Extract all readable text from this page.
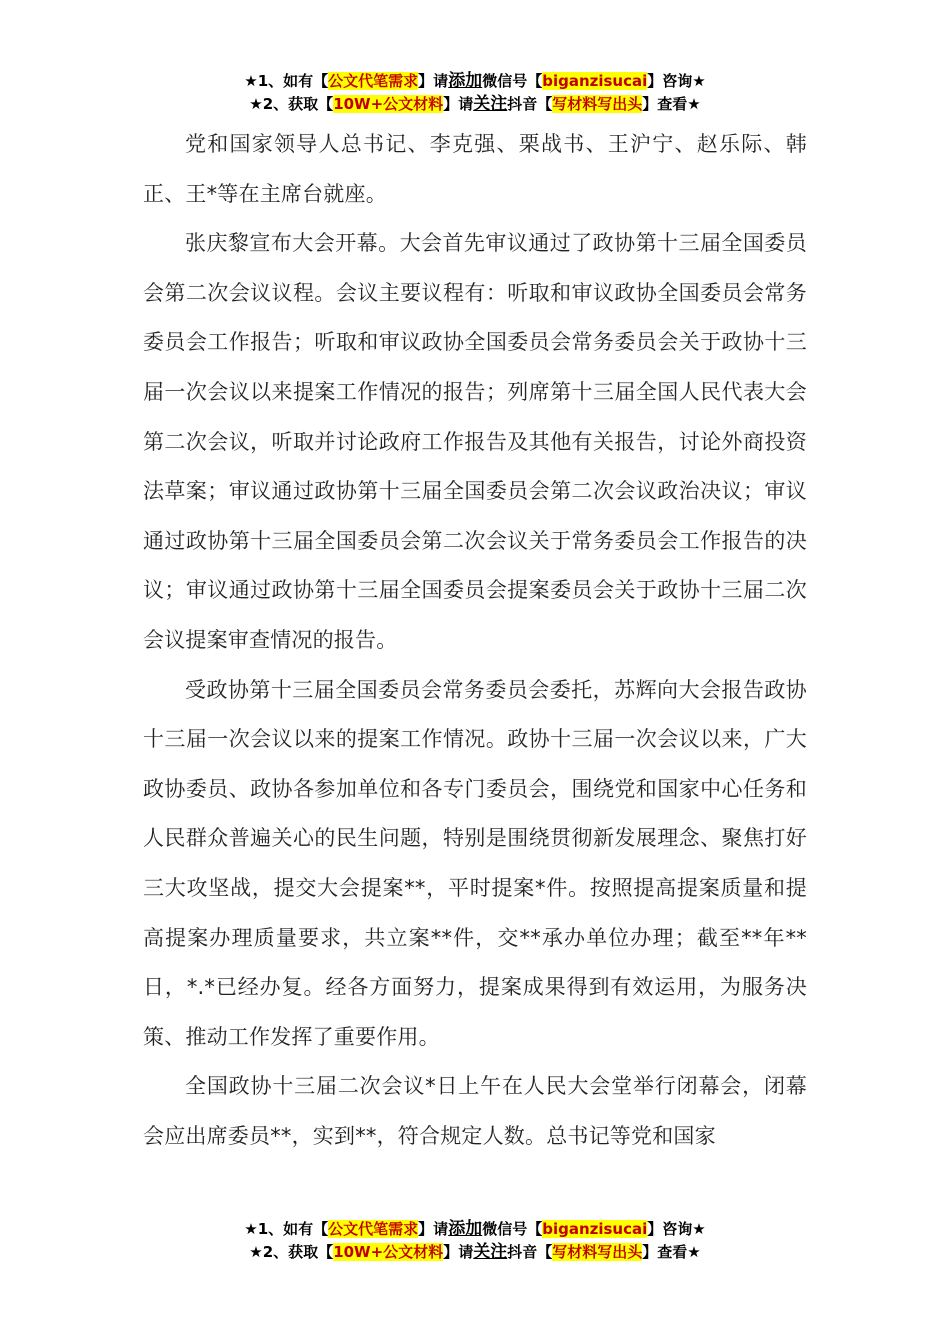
★1、如有【公文代笔需求】请添加微信号【biganzisucai】咨询★
★2、获取【10W+公文材料】请关注抖音【写材料写出头】查看★

党和国家领导人总书记、李克强、栗战书、王沪宁、赵乐际、韩正、王*等在主席台就座。

张庆黎宣布大会开幕。大会首先审议通过了政协第十三届全国委员会第二次会议议程。会议主要议程有：听取和审议政协全国委员会常务委员会工作报告；听取和审议政协全国委员会常务委员会关于政协十三届一次会议以来提案工作情况的报告；列席第十三届全国人民代表大会第二次会议，听取并讨论政府工作报告及其他有关报告，讨论外商投资法草案；审议通过政协第十三届全国委员会第二次会议政治决议；审议通过政协第十三届全国委员会第二次会议关于常务委员会工作报告的决议；审议通过政协第十三届全国委员会提案委员会关于政协十三届二次会议提案审查情况的报告。

受政协第十三届全国委员会常务委员会委托，苏辉向大会报告政协十三届一次会议以来的提案工作情况。政协十三届一次会议以来，广大政协委员、政协各参加单位和各专门委员会，围绕党和国家中心任务和人民群众普遍关心的民生问题，特别是围绕贯彻新发展理念、聚焦打好三大攻坚战，提交大会提案**，平时提案*件。按照提高提案质量和提高提案办理质量要求，共立案**件，交**承办单位办理；截至**年**日，*.*已经办复。经各方面努力，提案成果得到有效运用，为服务决策、推动工作发挥了重要作用。

全国政协十三届二次会议*日上午在人民大会堂举行闭幕会，闭幕会应出席委员**，实到**，符合规定人数。总书记等党和国家

★1、如有【公文代笔需求】请添加微信号【biganzisucai】咨询★
★2、获取【10W+公文材料】请关注抖音【写材料写出头】查看★
